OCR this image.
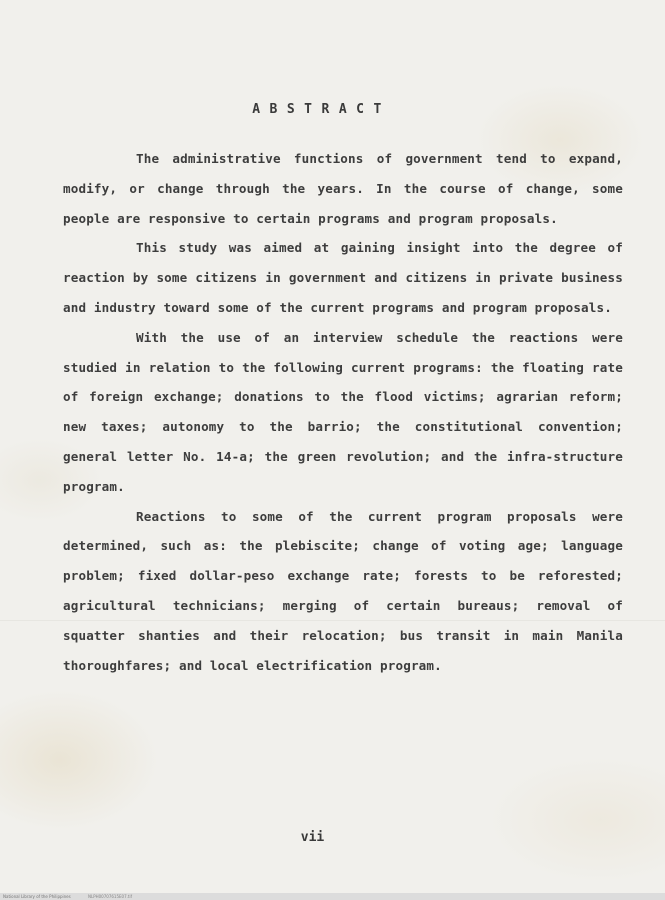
ABSTRACT

The administrative functions of government tend to expand, modify, or change through the years. In the course of change, some people are responsive to certain programs and program proposals.

This study was aimed at gaining insight into the degree of reaction by some citizens in government and citizens in private business and industry toward some of the current programs and program proposals.

With the use of an interview schedule the reactions were studied in relation to the following current programs: the floating rate of foreign exchange; donations to the flood victims; agrarian reform; new taxes; autonomy to the barrio; the constitutional convention; general letter No. 14-a; the green revolution; and the infra-structure program.

Reactions to some of the current program proposals were determined, such as: the plebiscite; change of voting age; language problem; fixed dollar-peso exchange rate; forests to be reforested; agricultural technicians; merging of certain bureaus; removal of squatter shanties and their relocation; bus transit in main Manila thoroughfares; and local electrification program.

vii

National Library of the Philippines	NLPH00707615E07.tif
